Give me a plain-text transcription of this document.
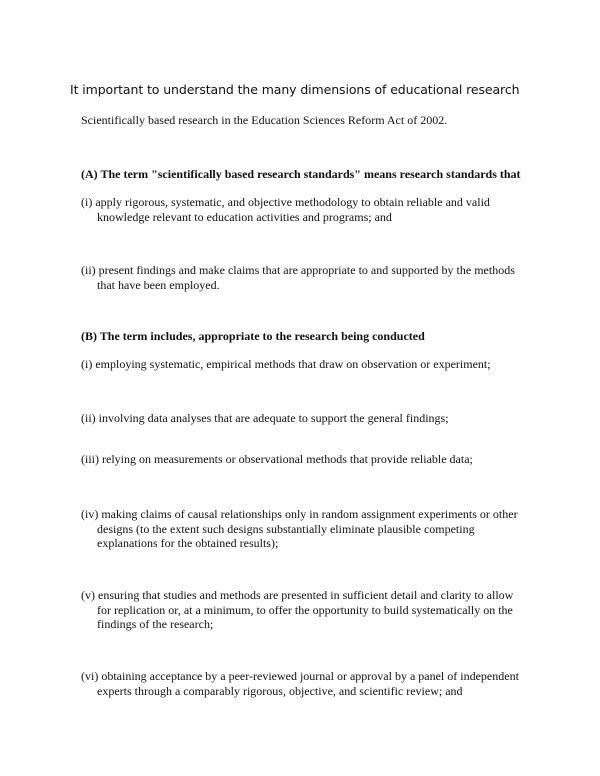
It important to understand the many dimensions of educational research
Scientifically based research in the Education Sciences Reform Act of 2002.
(A) The term "scientifically based research standards" means research standards that
(i) apply rigorous, systematic, and objective methodology to obtain reliable and valid
knowledge relevant to education activities and programs; and
(ii) present findings and make claims that are appropriate to and supported by the methods
that have been employed.
(B) The term includes, appropriate to the research being conducted
(i) employing systematic, empirical methods that draw on observation or experiment;
(ii) involving data analyses that are adequate to support the general findings;
(iii) relying on measurements or observational methods that provide reliable data;
(iv) making claims of causal relationships only in random assignment experiments or other
designs (to the extent such designs substantially eliminate plausible competing
explanations for the obtained results);
(v) ensuring that studies and methods are presented in sufficient detail and clarity to allow
for replication or, at a minimum, to offer the opportunity to build systematically on the
findings of the research;
(vi) obtaining acceptance by a peer-reviewed journal or approval by a panel of independent
experts through a comparably rigorous, objective, and scientific review; and
